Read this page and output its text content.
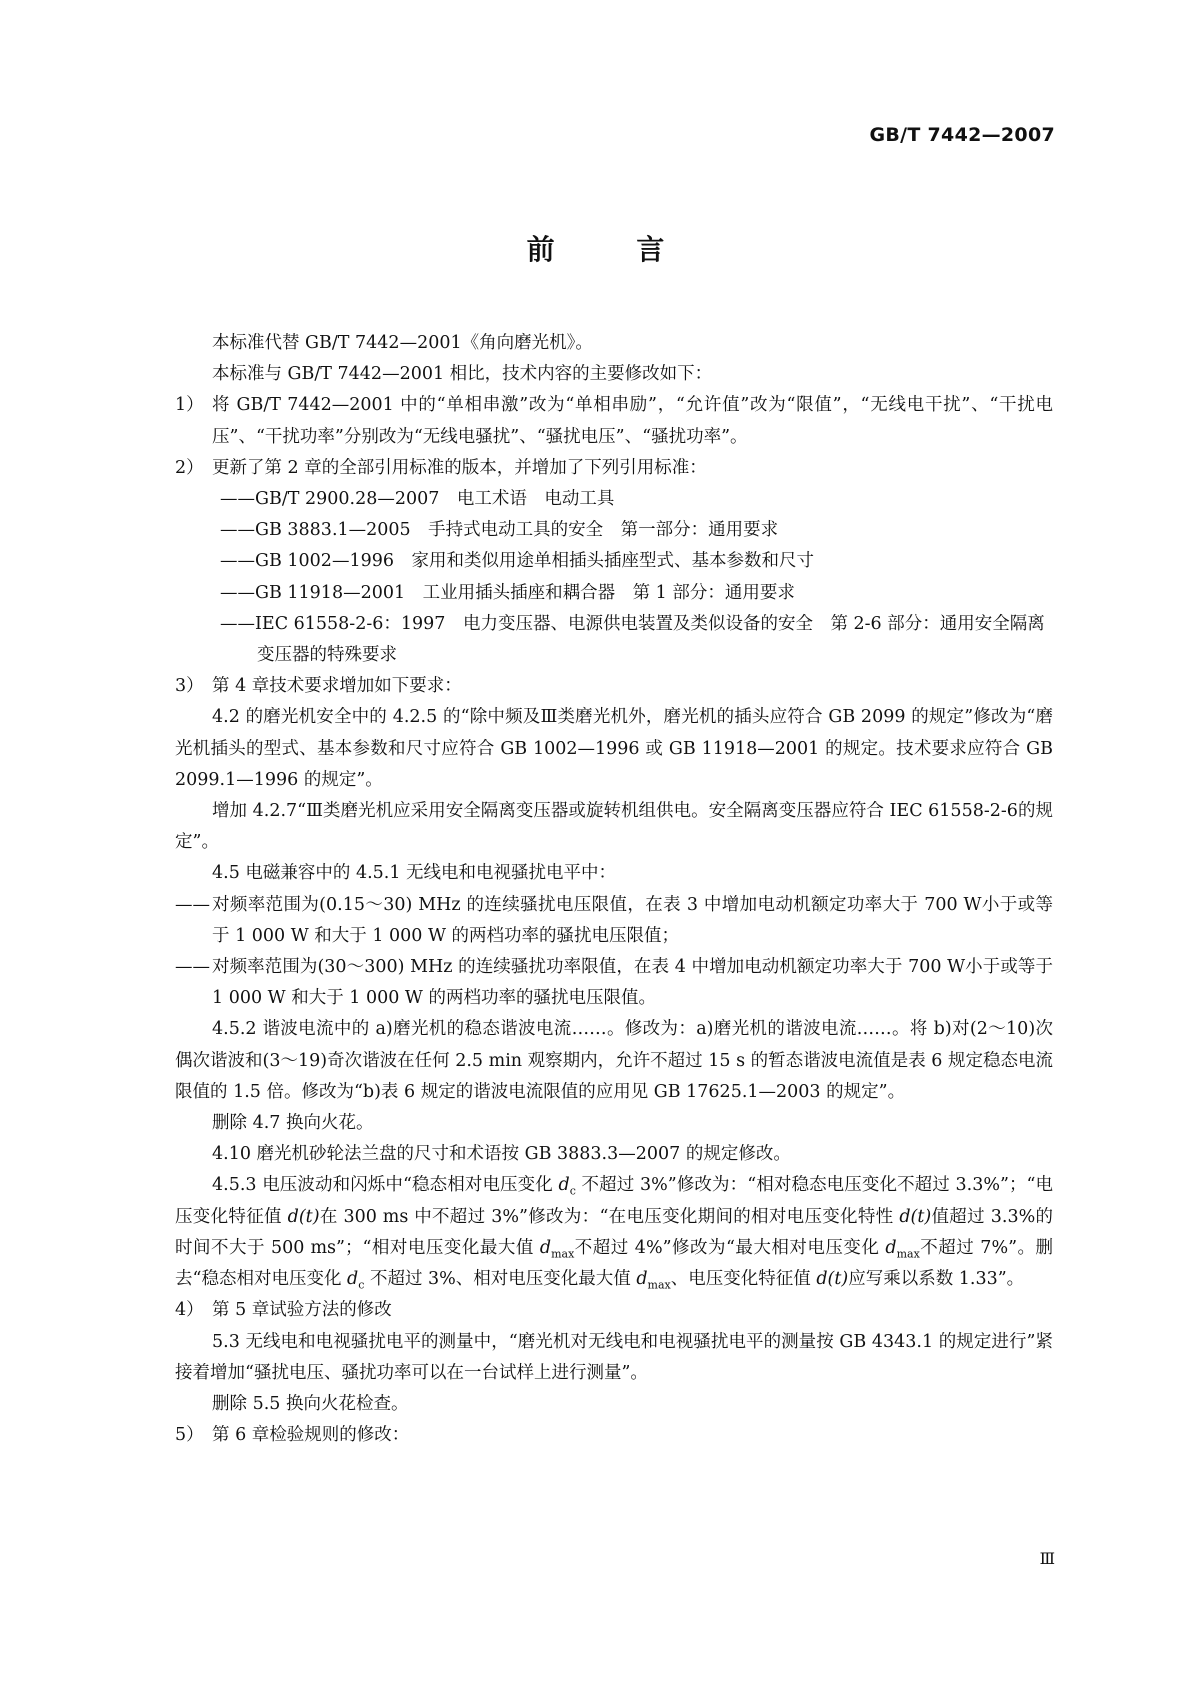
GB/T 7442—2007
前 言

本标准代替 GB/T 7442—2001《角向磨光机》。

本标准与 GB/T 7442—2001 相比，技术内容的主要修改如下：

1） 将 GB/T 7442—2001 中的“单相串激”改为“单相串励”，“允许值”改为“限值”，“无线电干扰”、“干扰电压”、“干扰功率”分别改为“无线电骚扰”、“骚扰电压”、“骚扰功率”。
2） 更新了第 2 章的全部引用标准的版本，并增加了下列引用标准：

——GB/T 2900.28—2007　电工术语　电动工具

——GB 3883.1—2005　手持式电动工具的安全　第一部分：通用要求

——GB 1002—1996　家用和类似用途单相插头插座型式、基本参数和尺寸

——GB 11918—2001　工业用插头插座和耦合器　第 1 部分：通用要求

——IEC 61558-2-6：1997　电力变压器、电源供电装置及类似设备的安全　第 2-6 部分：通用安全隔离变压器的特殊要求

3） 第 4 章技术要求增加如下要求：

4.2 的磨光机安全中的 4.2.5 的“除中频及Ⅲ类磨光机外，磨光机的插头应符合 GB 2099 的规定”修改为“磨光机插头的型式、基本参数和尺寸应符合 GB 1002—1996 或 GB 11918—2001 的规定。技术要求应符合 GB 2099.1—1996 的规定”。

增加 4.2.7“Ⅲ类磨光机应采用安全隔离变压器或旋转机组供电。安全隔离变压器应符合 IEC 61558-2-6的规定”。

4.5 电磁兼容中的 4.5.1 无线电和电视骚扰电平中：

—— 对频率范围为(0.15～30) MHz 的连续骚扰电压限值，在表 3 中增加电动机额定功率大于 700 W小于或等于 1 000 W 和大于 1 000 W 的两档功率的骚扰电压限值；
—— 对频率范围为(30～300) MHz 的连续骚扰功率限值，在表 4 中增加电动机额定功率大于 700 W小于或等于 1 000 W 和大于 1 000 W 的两档功率的骚扰电压限值。

4.5.2 谐波电流中的 a)磨光机的稳态谐波电流……。修改为：a)磨光机的谐波电流……。将 b)对(2～10)次偶次谐波和(3～19)奇次谐波在任何 2.5 min 观察期内，允许不超过 15 s 的暂态谐波电流值是表 6 规定稳态电流限值的 1.5 倍。修改为“b)表 6 规定的谐波电流限值的应用见 GB 17625.1—2003 的规定”。

删除 4.7 换向火花。

4.10 磨光机砂轮法兰盘的尺寸和术语按 GB 3883.3—2007 的规定修改。

4.5.3 电压波动和闪烁中“稳态相对电压变化 $d_c$ 不超过 3%”修改为：“相对稳态电压变化不超过 3.3%”；“电压变化特征值 d(t)在 300 ms 中不超过 3%”修改为：“在电压变化期间的相对电压变化特性 d(t)值超过 3.3%的时间不大于 500 ms”；“相对电压变化最大值 $d_{max}$不超过 4%”修改为“最大相对电压变化 $d_{max}$不超过 7%”。删去“稳态相对电压变化 $d_c$ 不超过 3%、相对电压变化最大值 $d_{max}$、电压变化特征值 d(t)应写乘以系数 1.33”。

4） 第 5 章试验方法的修改

5.3 无线电和电视骚扰电平的测量中，“磨光机对无线电和电视骚扰电平的测量按 GB 4343.1 的规定进行”紧接着增加“骚扰电压、骚扰功率可以在一台试样上进行测量”。

删除 5.5 换向火花检查。

5） 第 6 章检验规则的修改：
Ⅲ
